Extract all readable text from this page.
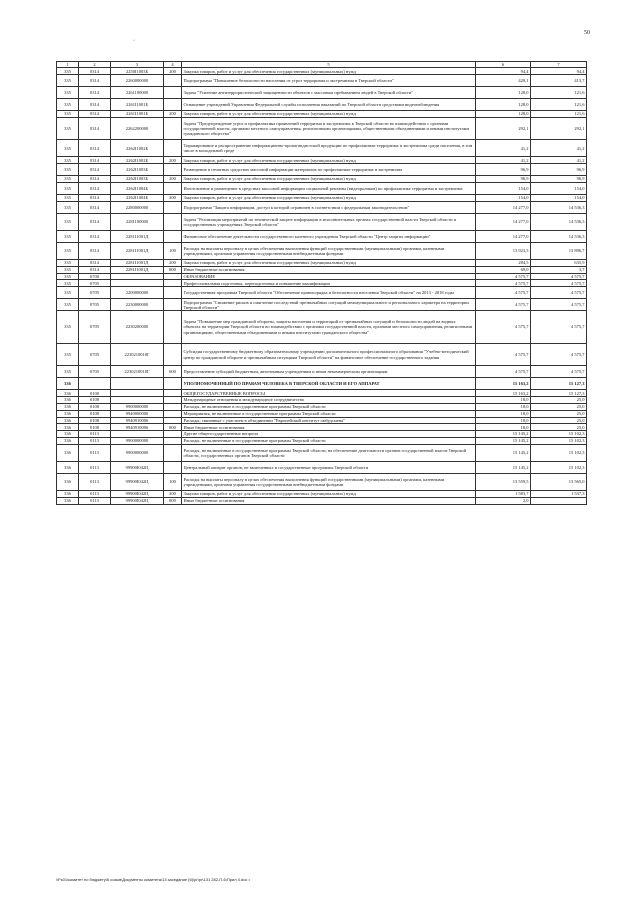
50
·
1	2	3	4	5	6	7
335	0314	2250I1003Б	200	Закупка товаров, работ и услуг для обеспечения государственных (муниципальных) нужд	94,4	94,4
335	0314	2260000000		Подпрограмма "Повышение безопасности населения от угроз терроризма и экстремизма в Тверской области"	420,1	413,7
335	0314	2261100000		Задача "Усиление антитеррористической защищенности объектов с массовым пребыванием людей в Тверской области"	128,0	121,6
335	0314	2261I1001Б		Оснащение учреждений Управления Федеральной службы исполнения наказаний по Тверской области средствами видеонаблюдения	128,0	121,6
335	0314	2261I1001Б	200	Закупка товаров, работ и услуг для обеспечения государственных (муниципальных) нужд	128,0	121,6
335	0314	2262200000		Задача "Предупреждение угроз и профилактика проявлений терроризма и экстремизма в Тверской области во взаимодействии с органами государственной власти, органами местного самоуправления, религиозными организациями, общественными объединениями и иными институтами гражданского общества"	292,1	292,1
335	0314	2262I1002Б		Тиражирование и распространение информационно-пропагандистской продукции по профилактике терроризма и экстремизма среди населения, в том числе в молодежной среде	41,2	41,2
335	0314	2262I1002Б	200	Закупка товаров, работ и услуг для обеспечения государственных (муниципальных) нужд	41,2	41,2
335	0314	2262I1003Б		Размещение в печатных средствах массовой информации материалов по профилактике терроризма и экстремизма	96,9	96,9
335	0314	2262I1003Б	200	Закупка товаров, работ и услуг для обеспечения государственных (муниципальных) нужд	96,9	96,9
335	0314	2262I1004Б		Изготовление и размещение в средствах массовой информации социальной рекламы (видеороликов) по профилактике терроризма и экстремизма	154,0	154,0
335	0314	2262I1004Б	200	Закупка товаров, работ и услуг для обеспечения государственных (муниципальных) нужд	154,0	154,0
335	0314	2280000000		Подпрограмма "Защита информации, доступ к которой ограничен в соответствии с федеральным законодательством"	14 277,0	14 536,3
335	0314	2281100000		Задача "Реализация мероприятий по технической защите информации в исполнительных органах государственной власти Тверской области и государственных учреждениях Тверской области"	14 277,0	14 536,3
335	0314	2281I1001Д		Финансовое обеспечение деятельности государственного казенного учреждения Тверской области "Центр защиты информации"	14 277,0	14 536,3
335	0314	2281I1001Д	100	Расходы на выплаты персоналу в целях обеспечения выполнения функций государственными (муниципальными) органами, казенными учреждениями, органами управления государственными внебюджетными фондами	13 923,5	13 896,7
335	0314	2281I1001Д	200	Закупка товаров, работ и услуг для обеспечения государственных (муниципальных) нужд	284,5	635,9
335	0314	2281I1001Д	800	Иные бюджетные ассигнования	69,0	3,7
335	0700			ОБРАЗОВАНИЕ	4 575,7	4 575,7
335	0705			Профессиональная подготовка, переподготовка и повышение квалификации	4 575,7	4 575,7
335	0705	2200000000		Государственная программа Тверской области "Обеспечение правопорядка и безопасности населения Тверской области" на 2013 - 2018 годы	4 575,7	4 575,7
335	0705	2230000000		Подпрограмма "Снижение рисков и смягчение последствий чрезвычайных ситуаций межмуниципального и регионального характера на территории Тверской области"	4 575,7	4 575,7
335	0705	2230200000		Задача "Повышение мер гражданской обороны, защиты населения и территорий от чрезвычайных ситуаций и безопасности людей на водных объектах на территории Тверской области во взаимодействии с органами государственной власти, органами местного самоуправления, религиозными организациями, общественными объединениями и иными институтами гражданского общества"	4 575,7	4 575,7
335	0705	2230210010Г		Субсидия государственному бюджетному образовательному учреждению дополнительного профессионального образования "Учебно-методический центр по гражданской обороне и чрезвычайным ситуациям Тверской области" на финансовое обеспечение государственного задания	4 575,7	4 575,7
335	0705	2230210010Г	600	Предоставление субсидий бюджетным, автономным учреждениям и иным некоммерческим организациям	4 575,7	4 575,7
336				УПОЛНОМОЧЕННЫЙ ПО ПРАВАМ ЧЕЛОВЕКА В ТВЕРСКОЙ ОБЛАСТИ И ЕГО АППАРАТ	15 163,2	15 127,3
336	0100			ОБЩЕГОСУДАРСТВЕННЫЕ ВОПРОСЫ	15 163,2	15 127,3
336	0108			Международные отношения и международное сотрудничество	18,0	25,0
336	0108	9900000000		Расходы, не включенные в государственные программы Тверской области	18,0	25,0
336	0108	9940000000		Мероприятия, не включенные в государственные программы Тверской области	18,0	25,0
336	0108	9940910006		Расходы, связанные с участием в объединении "Европейский институт омбудсмена"	18,0	25,0
336	0108	9940910006	800	Иные бюджетные ассигнования	18,0	25,0
336	0113			Другие общегосударственные вопросы	15 145,2	15 102,3
336	0113	9900000000		Расходы, не включенные в государственные программы Тверской области	15 145,2	15 102,3
336	0113	9900000000		Расходы, не включенные в государственные программы Тверской области, на обеспечение деятельности органов государственной власти Тверской области, государственных органов Тверской области	15 145,2	15 102,3
336	0113	99900I042Ц		Центральный аппарат органов, не включенных в государственные программы Тверской области	15 145,2	15 102,3
336	0113	99900I042Ц	100	Расходы на выплаты персоналу в целях обеспечения выполнения функций государственными (муниципальными) органами, казенными учреждениями, органами управления государственными внебюджетными фондами	13 559,5	13 565,0
336	0113	99900I042Ц	200	Закупка товаров, работ и услуг для обеспечения государственных (муниципальных) нужд	1 583,7	1 537,3
336	0113	99900I042Ц	800	Иные бюджетные ассигнования	2,0	
\\Fs01\комитет по бюджету\6 созыв\Документы комитета\13 заседание (6)\pr\pr\131 282-П-6\Прил 4.doc •
